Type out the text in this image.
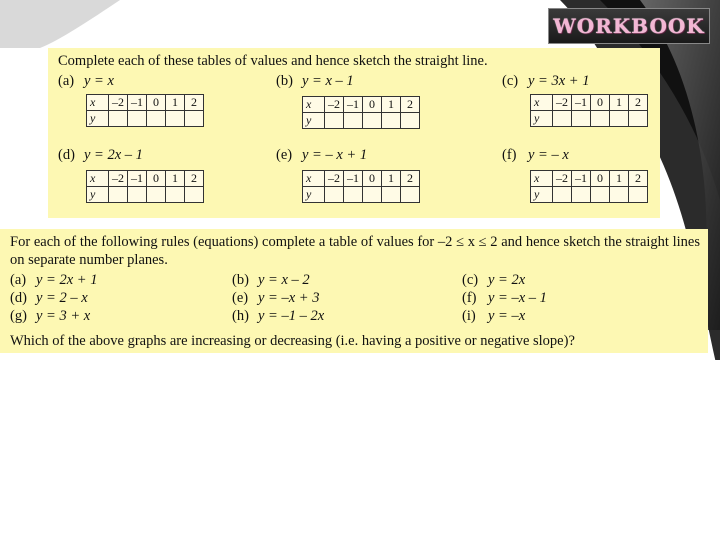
WORKBOOK
Complete each of these tables of values and hence sketch the straight line.
(a) y = x	(b) y = x – 1	(c) y = 3x + 1
x	–2	–1	0	1	2
y					
x	–2	–1	0	1	2
y					
x	–2	–1	0	1	2
y					
(d) y = 2x – 1	(e) y = – x + 1	(f) y = – x
x	–2	–1	0	1	2
y					
x	–2	–1	0	1	2
y					
x	–2	–1	0	1	2
y					
For each of the following rules (equations) complete a table of values for –2 ≤ x ≤ 2 and hence sketch the straight lines on separate number planes.
(a) y = 2x + 1	(b) y = x – 2	(c) y = 2x
(d) y = 2 – x	(e) y = –x + 3	(f) y = –x – 1
(g) y = 3 + x	(h) y = –1 – 2x	(i) y = –x
Which of the above graphs are increasing or decreasing (i.e. having a positive or negative slope)?
